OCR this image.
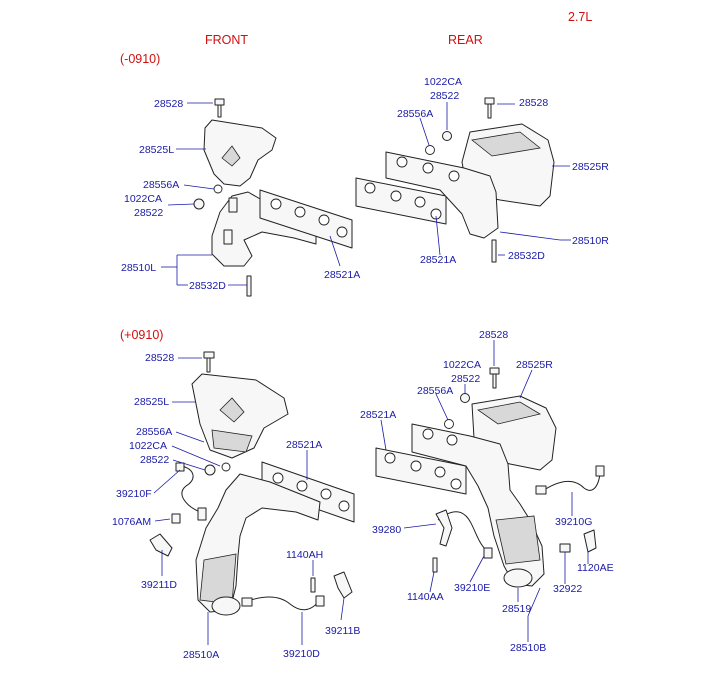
2.7L
FRONT	REAR
(-0910)
(+0910)
28528
28525L
28556A
1022CA
28522
28510L
28532D
28521A
1022CA
28522
28528
28556A
28525R
28521A
28510R
28532D
28528
28525L
28556A
1022CA
28522
28521A
39210F
1076AM
39211D
28510A
1140AH
39211B
39210D
28528
1022CA
28522
28525R
28556A
28521A
39280
39210G
1120AE
32922
39210E
1140AA
28519
28510B
